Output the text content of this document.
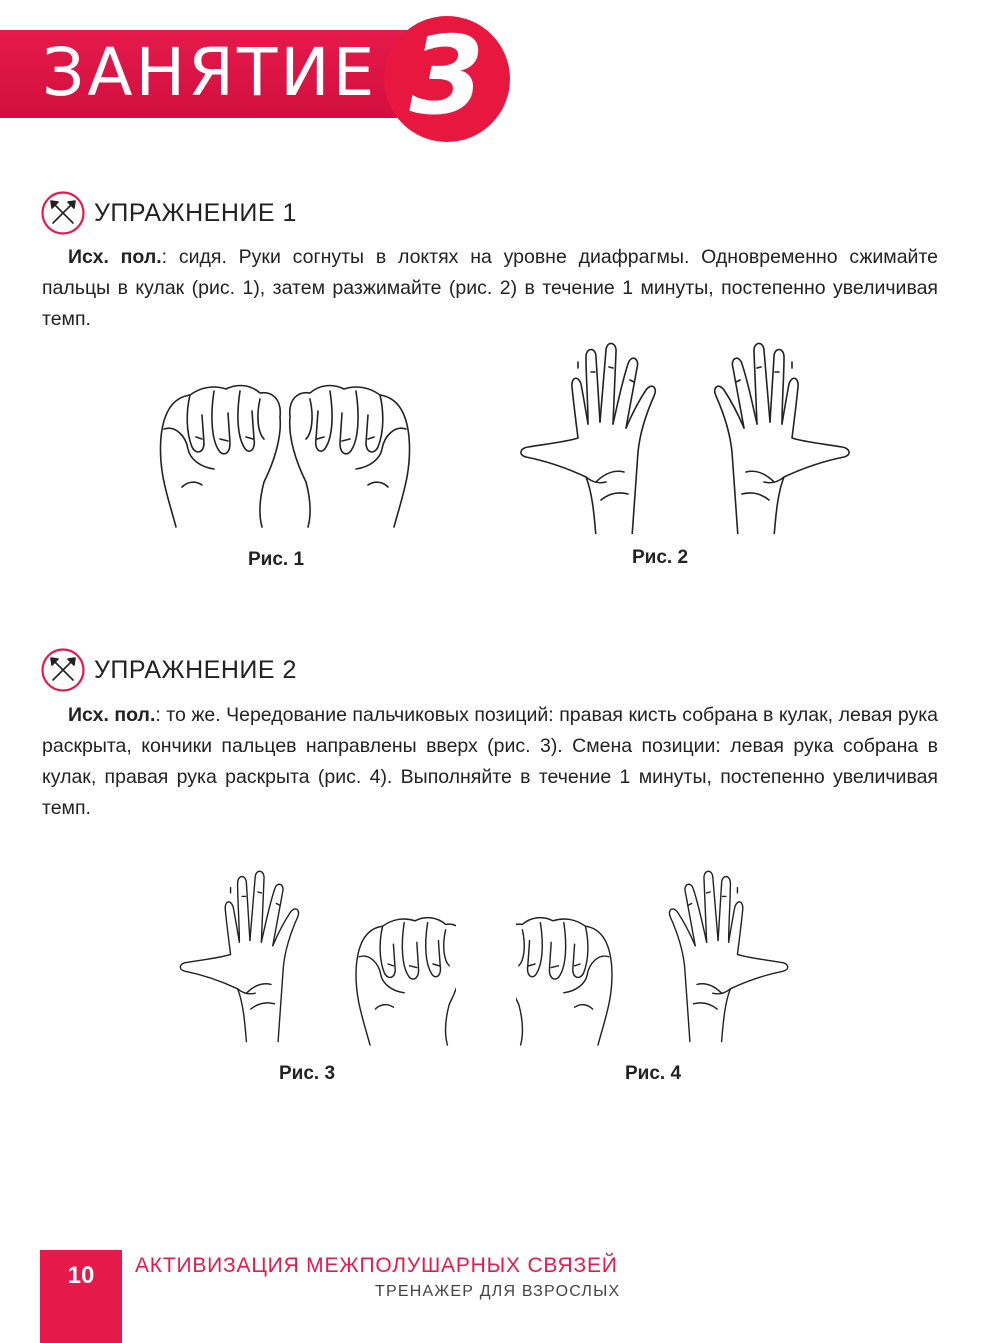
ЗАНЯТИЕ 3
УПРАЖНЕНИЕ 1
Исх. пол.: сидя. Руки согнуты в локтях на уровне диафрагмы. Одновременно сжимайте пальцы в кулак (рис. 1), затем разжимайте (рис. 2) в течение 1 минуты, постепенно увеличивая темп.
Рис. 1	Рис. 2
УПРАЖНЕНИЕ 2
Исх. пол.: то же. Чередование пальчиковых позиций: правая кисть собрана в кулак, левая рука раскрыта, кончики пальцев направлены вверх (рис. 3). Смена позиции: левая рука собрана в кулак, правая рука раскрыта (рис. 4). Выполняйте в течение 1 минуты, постепенно увеличивая темп.
Рис. 3	Рис. 4
10	АКТИВИЗАЦИЯ МЕЖПОЛУШАРНЫХ СВЯЗЕЙ
ТРЕНАЖЕР ДЛЯ ВЗРОСЛЫХ
